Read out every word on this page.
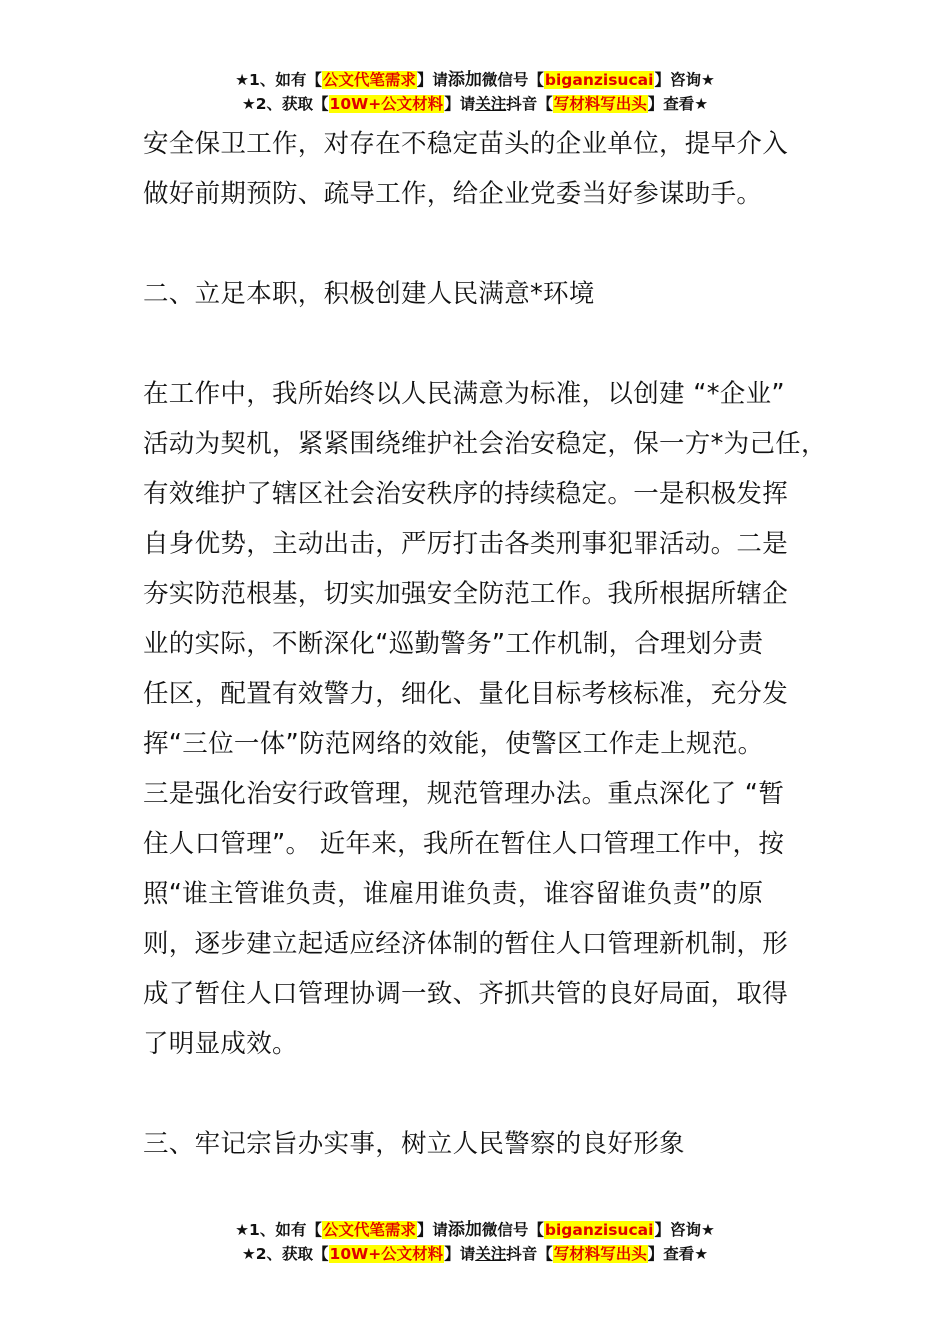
★1、如有【公文代笔需求】请添加微信号【biganzisucai】咨询★
★2、获取【10W+公文材料】请关注抖音【写材料写出头】查看★

安全保卫工作，对存在不稳定苗头的企业单位，提早介入

做好前期预防、疏导工作，给企业党委当好参谋助手。

二、立足本职，积极创建人民满意*环境

在工作中，我所始终以人民满意为标准，以创建 “*企业”

活动为契机，紧紧围绕维护社会治安稳定，保一方*为己任，

有效维护了辖区社会治安秩序的持续稳定。一是积极发挥

自身优势，主动出击，严厉打击各类刑事犯罪活动。二是

夯实防范根基，切实加强安全防范工作。我所根据所辖企

业的实际，不断深化“巡勤警务”工作机制，合理划分责

任区，配置有效警力，细化、量化目标考核标准，充分发

挥“三位一体”防范网络的效能，使警区工作走上规范。

三是强化治安行政管理，规范管理办法。重点深化了 “暂

住人口管理”。 近年来，我所在暂住人口管理工作中，按

照“谁主管谁负责，谁雇用谁负责，谁容留谁负责”的原

则，逐步建立起适应经济体制的暂住人口管理新机制，形

成了暂住人口管理协调一致、齐抓共管的良好局面，取得

了明显成效。

三、牢记宗旨办实事，树立人民警察的良好形象

★1、如有【公文代笔需求】请添加微信号【biganzisucai】咨询★
★2、获取【10W+公文材料】请关注抖音【写材料写出头】查看★
